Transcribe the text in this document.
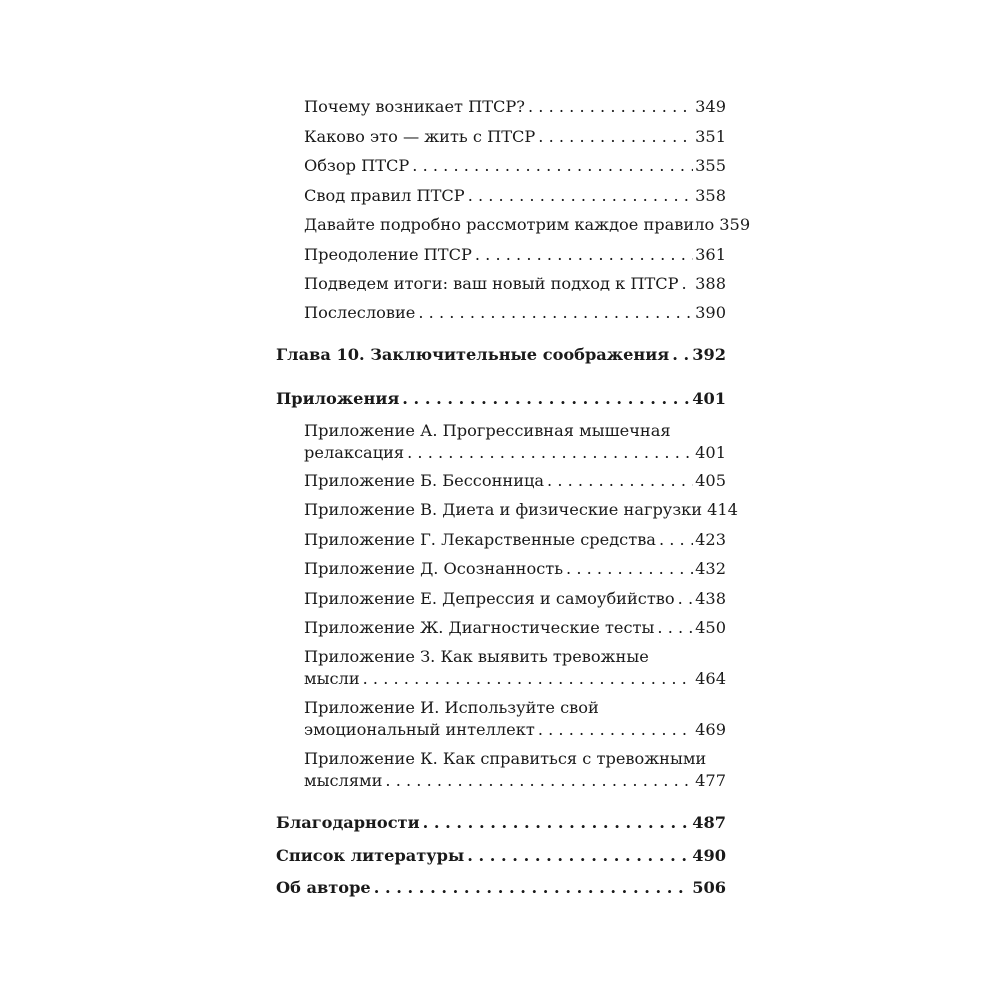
Почему возникает ПТСР? . . .	349
Каково это — жить с ПТСР . . .	351
Обзор ПТСР . . .	355
Свод правил ПТСР . . .	358
Давайте подробно рассмотрим каждое правило 359
Преодоление ПТСР . . .	361
Подведем итоги: ваш новый подход к ПТСР . . . 388
Послесловие . . .	390
Глава 10. Заключительные соображения . . . 392
Приложения . . .	401
Приложение А. Прогрессивная мышечная
релаксация . . .	401
Приложение Б. Бессонница . . .	405
Приложение В. Диета и физические нагрузки 414
Приложение Г. Лекарственные средства . . . 423
Приложение Д. Осознанность . . .	432
Приложение Е. Депрессия и самоубийство . . . 438
Приложение Ж. Диагностические тесты . . .	450
Приложение З. Как выявить тревожные
мысли . . .	464
Приложение И. Используйте свой
эмоциональный интеллект . . .	469
Приложение К. Как справиться с тревожными
мыслями . . .	477
Благодарности . . .	487
Список литературы . . .	490
Об авторе . . .	506
